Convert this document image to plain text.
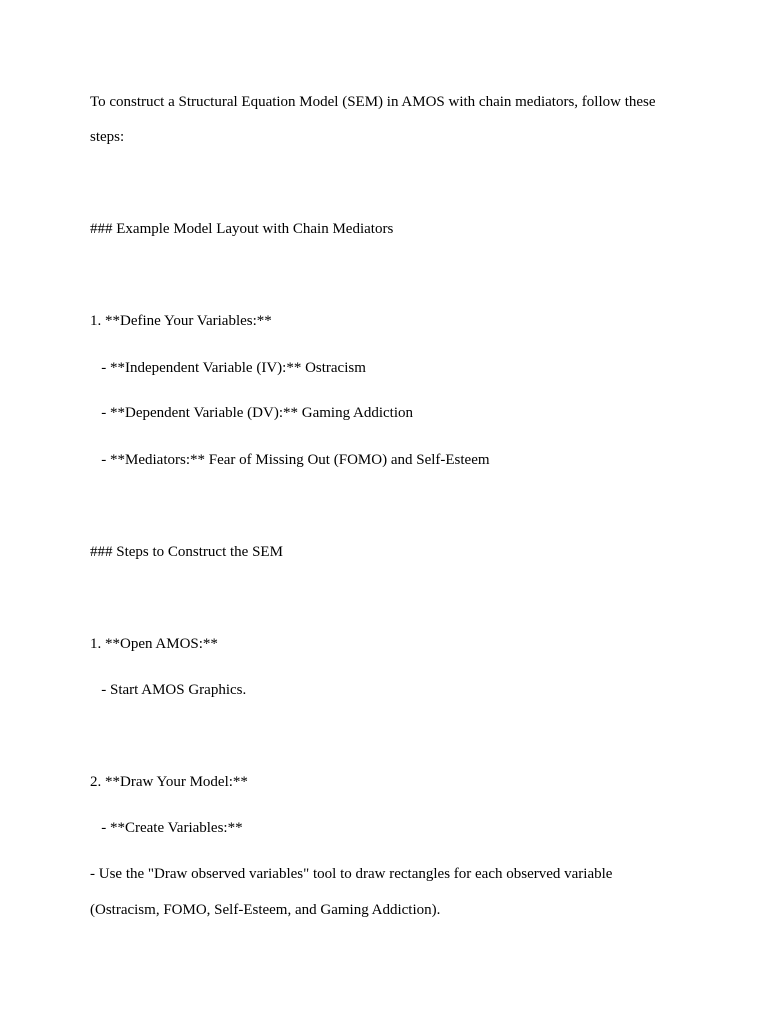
To construct a Structural Equation Model (SEM) in AMOS with chain mediators, follow these steps:
### Example Model Layout with Chain Mediators
1. **Define Your Variables:**
- **Independent Variable (IV):** Ostracism
- **Dependent Variable (DV):** Gaming Addiction
- **Mediators:** Fear of Missing Out (FOMO) and Self-Esteem
### Steps to Construct the SEM
1. **Open AMOS:**
- Start AMOS Graphics.
2. **Draw Your Model:**
- **Create Variables:**
- Use the "Draw observed variables" tool to draw rectangles for each observed variable (Ostracism, FOMO, Self-Esteem, and Gaming Addiction).
